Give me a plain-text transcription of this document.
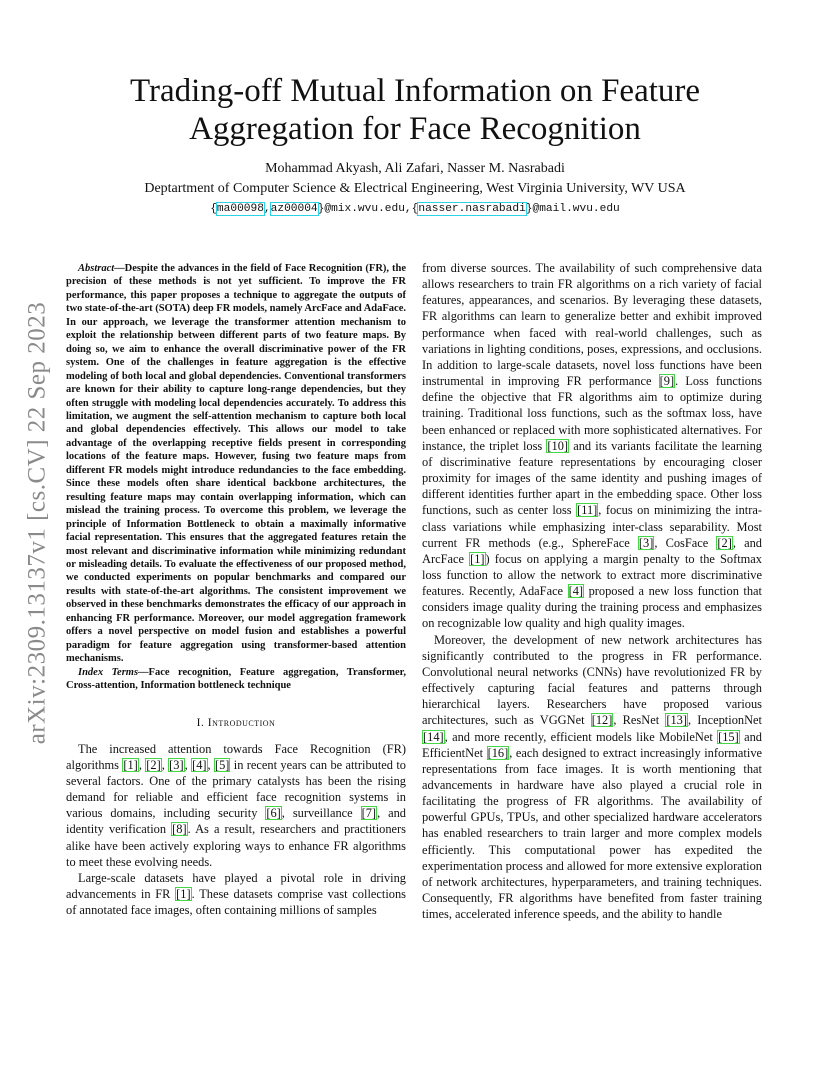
arXiv:2309.13137v1 [cs.CV] 22 Sep 2023
Trading-off Mutual Information on Feature
Aggregation for Face Recognition
Mohammad Akyash, Ali Zafari, Nasser M. Nasrabadi
Deptartment of Computer Science & Electrical Engineering, West Virginia University, WV USA
{ma00098,az00004}@mix.wvu.edu,{nasser.nasrabadi}@mail.wvu.edu

Abstract—Despite the advances in the field of Face Recognition (FR), the precision of these methods is not yet sufficient. To improve the FR performance, this paper proposes a technique to aggregate the outputs of two state-of-the-art (SOTA) deep FR models, namely ArcFace and AdaFace. In our approach, we leverage the transformer attention mechanism to exploit the relationship between different parts of two feature maps. By doing so, we aim to enhance the overall discriminative power of the FR system. One of the challenges in feature aggregation is the effective modeling of both local and global dependencies. Conventional transformers are known for their ability to capture long-range dependencies, but they often struggle with modeling local dependencies accurately. To address this limitation, we augment the self-attention mechanism to capture both local and global dependencies effectively. This allows our model to take advantage of the overlapping receptive fields present in corresponding locations of the feature maps. However, fusing two feature maps from different FR models might introduce redundancies to the face embedding. Since these models often share identical backbone architectures, the resulting feature maps may contain overlapping information, which can mislead the training process. To overcome this problem, we leverage the principle of Information Bottleneck to obtain a maximally informative facial representation. This ensures that the aggregated features retain the most relevant and discriminative information while minimizing redundant or misleading details. To evaluate the effectiveness of our proposed method, we conducted experiments on popular benchmarks and compared our results with state-of-the-art algorithms. The consistent improvement we observed in these benchmarks demonstrates the efficacy of our approach in enhancing FR performance. Moreover, our model aggregation framework offers a novel perspective on model fusion and establishes a powerful paradigm for feature aggregation using transformer-based attention mechanisms.

Index Terms—Face recognition, Feature aggregation, Transformer, Cross-attention, Information bottleneck technique

I. Introduction

The increased attention towards Face Recognition (FR) algorithms [1], [2], [3], [4], [5] in recent years can be attributed to several factors. One of the primary catalysts has been the rising demand for reliable and efficient face recognition systems in various domains, including security [6], surveillance [7], and identity verification [8]. As a result, researchers and practitioners alike have been actively exploring ways to enhance FR algorithms to meet these evolving needs.

Large-scale datasets have played a pivotal role in driving advancements in FR [1]. These datasets comprise vast collections of annotated face images, often containing millions of samples

from diverse sources. The availability of such comprehensive data allows researchers to train FR algorithms on a rich variety of facial features, appearances, and scenarios. By leveraging these datasets, FR algorithms can learn to generalize better and exhibit improved performance when faced with real-world challenges, such as variations in lighting conditions, poses, expressions, and occlusions. In addition to large-scale datasets, novel loss functions have been instrumental in improving FR performance [9]. Loss functions define the objective that FR algorithms aim to optimize during training. Traditional loss functions, such as the softmax loss, have been enhanced or replaced with more sophisticated alternatives. For instance, the triplet loss [10] and its variants facilitate the learning of discriminative feature representations by encouraging closer proximity for images of the same identity and pushing images of different identities further apart in the embedding space. Other loss functions, such as center loss [11], focus on minimizing the intra-class variations while emphasizing inter-class separability. Most current FR methods (e.g., SphereFace [3], CosFace [2], and ArcFace [1]) focus on applying a margin penalty to the Softmax loss function to allow the network to extract more discriminative features. Recently, AdaFace [4] proposed a new loss function that considers image quality during the training process and emphasizes on recognizable low quality and high quality images.

Moreover, the development of new network architectures has significantly contributed to the progress in FR performance. Convolutional neural networks (CNNs) have revolutionized FR by effectively capturing facial features and patterns through hierarchical layers. Researchers have proposed various architectures, such as VGGNet [12], ResNet [13], InceptionNet [14], and more recently, efficient models like MobileNet [15] and EfficientNet [16], each designed to extract increasingly informative representations from face images. It is worth mentioning that advancements in hardware have also played a crucial role in facilitating the progress of FR algorithms. The availability of powerful GPUs, TPUs, and other specialized hardware accelerators has enabled researchers to train larger and more complex models efficiently. This computational power has expedited the experimentation process and allowed for more extensive exploration of network architectures, hyperparameters, and training techniques. Consequently, FR algorithms have benefited from faster training times, accelerated inference speeds, and the ability to handle
